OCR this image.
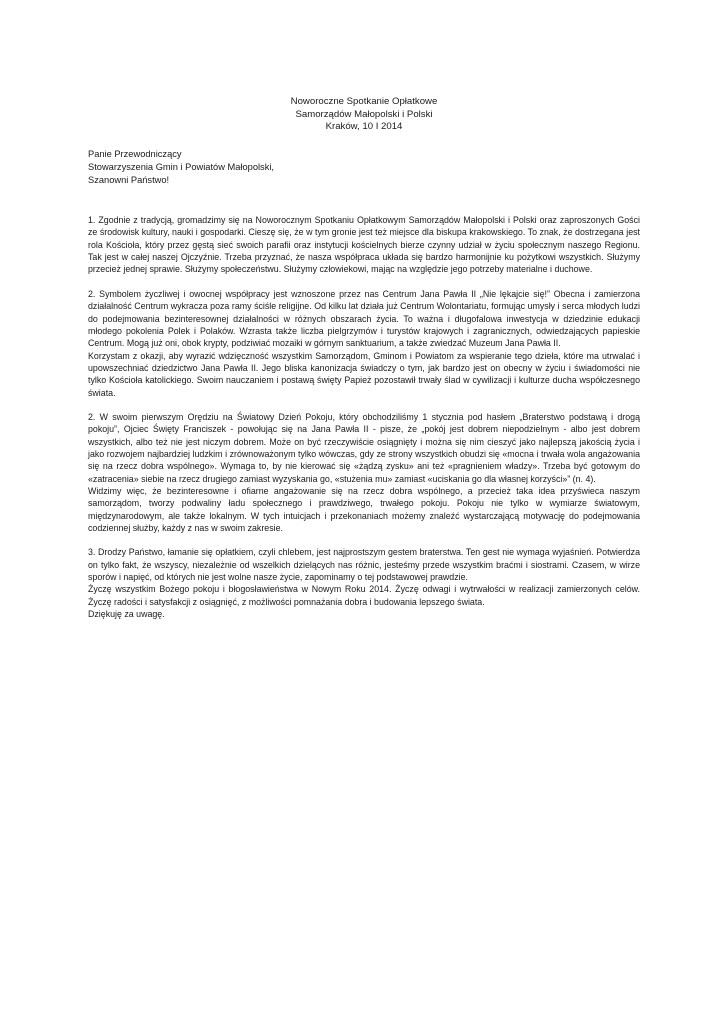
Noworoczne Spotkanie Opłatkowe
Samorządów Małopolski i Polski
Kraków, 10 I 2014
Panie Przewodniczący
Stowarzyszenia Gmin i Powiatów Małopolski,
Szanowni Państwo!

1. Zgodnie z tradycją, gromadzimy się na Noworocznym Spotkaniu Opłatkowym Samorządów Małopolski i Polski oraz zaproszonych Gości ze środowisk kultury, nauki i gospodarki. Cieszę się, że w tym gronie jest też miejsce dla biskupa krakowskiego. To znak, że dostrzegana jest rola Kościoła, który przez gęstą sieć swoich parafii oraz instytucji kościelnych bierze czynny udział w życiu społecznym naszego Regionu. Tak jest w całej naszej Ojczyźnie. Trzeba przyznać, że nasza współpraca układa się bardzo harmonijnie ku pożytkowi wszystkich. Służymy przecież jednej sprawie. Służymy społeczeństwu. Służymy człowiekowi, mając na względzie jego potrzeby materialne i duchowe.

2. Symbolem życzliwej i owocnej współpracy jest wznoszone przez nas Centrum Jana Pawła II „Nie lękajcie się!” Obecna i zamierzona działalność Centrum wykracza poza ramy ściśle religijne. Od kilku lat działa już Centrum Wolontariatu, formując umysły i serca młodych ludzi do podejmowania bezinteresownej działalności w różnych obszarach życia. To ważna i długofalowa inwestycja w dziedzinie edukacji młodego pokolenia Polek i Polaków. Wzrasta także liczba pielgrzymów i turystów krajowych i zagranicznych, odwiedzających papieskie Centrum. Mogą już oni, obok krypty, podziwiać mozaiki w górnym sanktuarium, a także zwiedzać Muzeum Jana Pawła II.

Korzystam z okazji, aby wyrazić wdzięczność wszystkim Samorządom, Gminom i Powiatom za wspieranie tego dzieła, które ma utrwalać i upowszechniać dziedzictwo Jana Pawła II. Jego bliska kanonizacja świadczy o tym, jak bardzo jest on obecny w życiu i świadomości nie tylko Kościoła katolickiego. Swoim nauczaniem i postawą święty Papież pozostawił trwały ślad w cywilizacji i kulturze ducha współczesnego świata.

2. W swoim pierwszym Orędziu na Światowy Dzień Pokoju, który obchodziliśmy 1 stycznia pod hasłem „Braterstwo podstawą i drogą pokoju”, Ojciec Święty Franciszek - powołując się na Jana Pawła II - pisze, że „pokój jest dobrem niepodzielnym - albo jest dobrem wszystkich, albo też nie jest niczym dobrem. Może on być rzeczywiście osiągnięty i można się nim cieszyć jako najlepszą jakością życia i jako rozwojem najbardziej ludzkim i zrównoważonym tylko wówczas, gdy ze strony wszystkich obudzi się «mocna i trwała wola angażowania się na rzecz dobra wspólnego». Wymaga to, by nie kierować się «żądzą zysku» ani też «pragnieniem władzy». Trzeba być gotowym do «zatracenia» siebie na rzecz drugiego zamiast wyzyskania go, «stużenia mu» zamiast «uciskania go dla własnej korzyści»” (n. 4).

Widzimy więc, że bezinteresowne i ofiarne angażowanie się na rzecz dobra wspólnego, a przecież taka idea przyświeca naszym samorządom, tworzy podwaliny ładu społecznego i prawdziwego, trwałego pokoju. Pokoju nie tylko w wymiarze światowym, międzynarodowym, ale także lokalnym. W tych intuicjach i przekonaniach możemy znaleźć wystarczającą motywację do podejmowania codziennej służby, każdy z nas w swoim zakresie.

3. Drodzy Państwo, łamanie się opłatkiem, czyli chlebem, jest najprostszym gestem braterstwa. Ten gest nie wymaga wyjaśnień. Potwierdza on tylko fakt, że wszyscy, niezależnie od wszelkich dzielących nas różnic, jesteśmy przede wszystkim braćmi i siostrami. Czasem, w wirze sporów i napięć, od których nie jest wolne nasze życie, zapominamy o tej podstawowej prawdzie.

Życzę wszystkim Bożego pokoju i błogosławieństwa w Nowym Roku 2014. Życzę odwagi i wytrwałości w realizacji zamierzonych celów. Życzę radości i satysfakcji z osiągnięć, z możliwości pomnażania dobra i budowania lepszego świata.

Dziękuję za uwagę.
